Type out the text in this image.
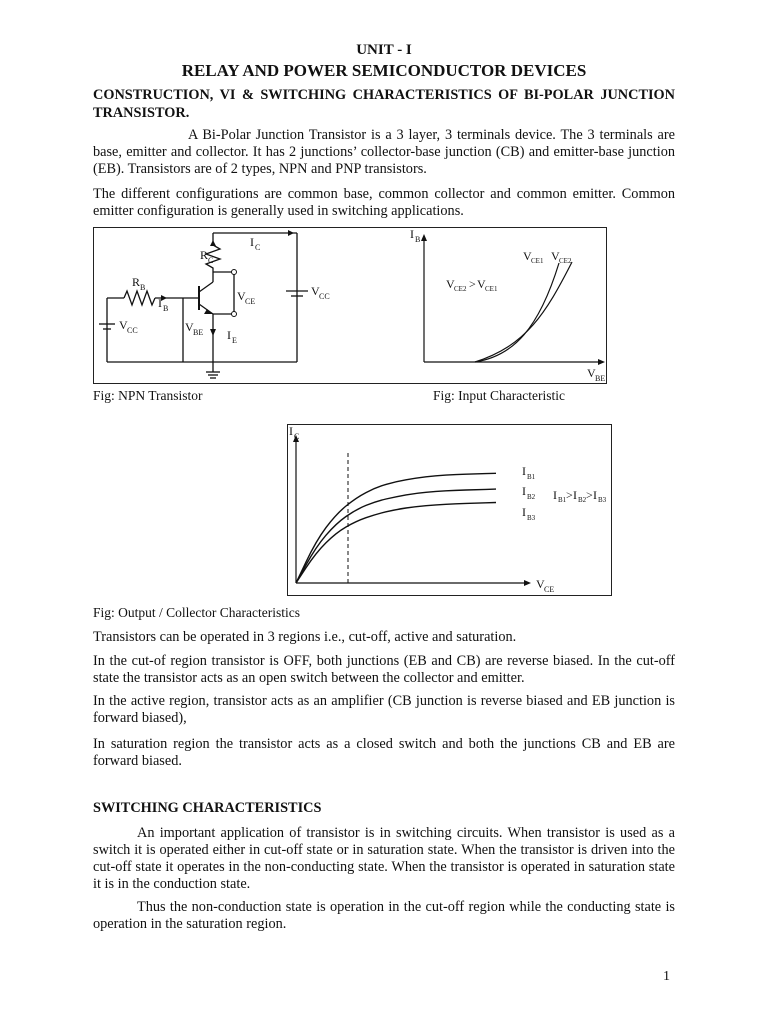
UNIT - I
RELAY AND POWER SEMICONDUCTOR DEVICES
CONSTRUCTION, VI & SWITCHING CHARACTERISTICS OF BI-POLAR JUNCTION TRANSISTOR.
A Bi-Polar Junction Transistor is a 3 layer, 3 terminals device. The 3 terminals are base, emitter and collector. It has 2 junctions’ collector-base junction (CB) and emitter-base junction (EB). Transistors are of 2 types, NPN and PNP transistors.
The different configurations are common base, common collector and common emitter. Common emitter configuration is generally used in switching applications.
R C
I C
R B
I B
V CE
V CC
V CC	V BE I E
I B
V BE
V CE1 V CE2
V CE2 > V CE1
Fig: NPN Transistor	Fig: Input Characteristic
I C
V CE
I B1
I B2
I B3
I B1 > I B2 > I B3
Fig: Output / Collector Characteristics
Transistors can be operated in 3 regions i.e., cut-off, active and saturation.
In the cut-of region transistor is OFF, both junctions (EB and CB) are reverse biased. In the cut-off state the transistor acts as an open switch between the collector and emitter.
In the active region, transistor acts as an amplifier (CB junction is reverse biased and EB junction is forward biased),
In saturation region the transistor acts as a closed switch and both the junctions CB and EB are forward biased.
SWITCHING CHARACTERISTICS
An important application of transistor is in switching circuits. When transistor is used as a switch it is operated either in cut-off state or in saturation state. When the transistor is driven into the cut-off state it operates in the non-conducting state. When the transistor is operated in saturation state it is in the conduction state.
Thus the non-conduction state is operation in the cut-off region while the conducting state is operation in the saturation region.
1
